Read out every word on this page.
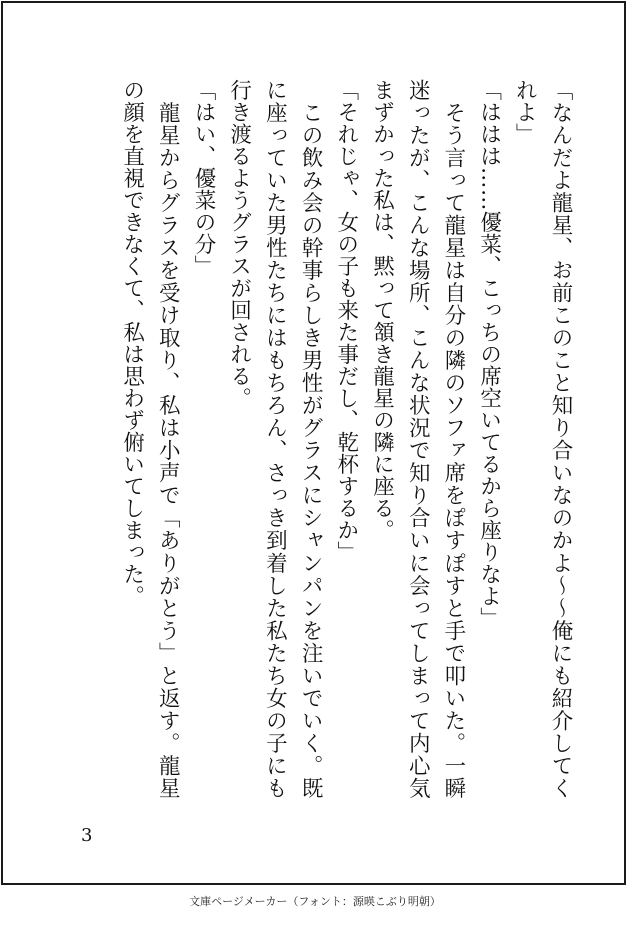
「なんだよ龍星、お前このこと知り合いなのかよ〜〜俺にも紹介してくれよ」

「ははは……優菜、こっちの席空いてるから座りなよ」

　そう言って龍星は自分の隣のソファ席をぽすぽすと手で叩いた。一瞬迷ったが、こんな場所、こんな状況で知り合いに会ってしまって内心気まずかった私は、黙って頷き龍星の隣に座る。

「それじゃ、女の子も来た事だし、乾杯するか」

　この飲み会の幹事らしき男性がグラスにシャンパンを注いでいく。既に座っていた男性たちにはもちろん、さっき到着した私たち女の子にも行き渡るようグラスが回される。

「はい、優菜の分」

　龍星からグラスを受け取り、私は小声で「ありがとう」と返す。龍星の顔を直視できなくて、私は思わず俯いてしまった。

3
文庫ページメーカー（フォント：源暎こぶり明朝）
